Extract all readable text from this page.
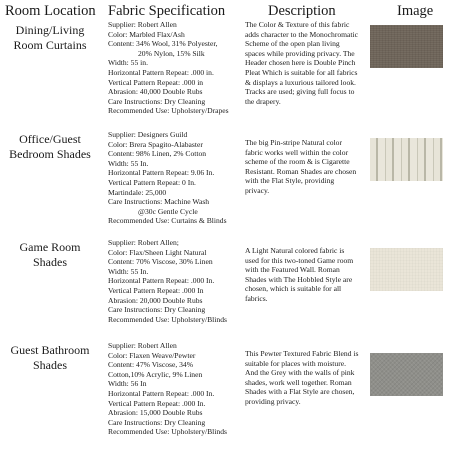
Room Location Fabric Specification	Description	Image
Dining/Living
Room Curtains
Supplier: Robert Allen
Color: Marbled Flax/Ash
Content: 34% Wool, 31% Polyester,
20% Nylon, 15% Silk
Width: 55 in.
Horizontal Pattern Repeat: .000 in.
Vertical Pattern Repeat: .000 in
Abrasion: 40,000 Double Rubs
Care Instructions: Dry Cleaning
Recommended Use: Upholstery/Drapes
The Color & Texture of this fabric adds character to the Monochromatic Scheme of the open plan living spaces while providing privacy. The Header chosen here is Double Pinch Pleat Which is suitable for all fabrics & displays a luxurious tailored look. Tracks are used; giving full focus to the drapery.
Office/Guest
Bedroom Shades
Supplier: Designers Guild
Color: Brera Spagito-Alabaster
Content: 98% Linen, 2% Cotton
Width: 55 In.
Horizontal Pattern Repeat: 9.06 In.
Vertical Pattern Repeat: 0 In.
Martindale: 25,000
Care Instructions: Machine Wash
@30c Gentle Cycle
Recommended Use: Curtains & Blinds
The big Pin-stripe Natural color fabric works well within the color scheme of the room & is Cigarette Resistant. Roman Shades are chosen with the Flat Style, providing privacy.
Game Room
Shades
Supplier: Robert Allen;
Color: Flax/Sheen Light Natural
Content: 70% Viscose, 30% Linen
Width: 55 In.
Horizontal Pattern Repeat: .000 In.
Vertical Pattern Repeat: .000 In
Abrasion: 20,000 Double Rubs
Care Instructions: Dry Cleaning
Recommended Use: Upholstery/Blinds
A Light Natural colored fabric is used for this two-toned Game room with the Featured Wall. Roman Shades with The Hobbled Style are chosen, which is suitable for all fabrics.
Guest Bathroom
Shades
Supplier: Robert Allen
Color: Flaxen Weave/Pewter
Content: 47% Viscose, 34%
Cotton,10% Acrylic, 9% Linen
Width: 56 In
Horizontal Pattern Repeat: .000 In.
Vertical Pattern Repeat: .000 In.
Abrasion: 15,000 Double Rubs
Care Instructions: Dry Cleaning
Recommended Use: Upholstery/Blinds
This Pewter Textured Fabric Blend is suitable for places with moisture. And the Grey with the walls of pink shades, work well together. Roman Shades with a Flat Style are chosen, providing privacy.
